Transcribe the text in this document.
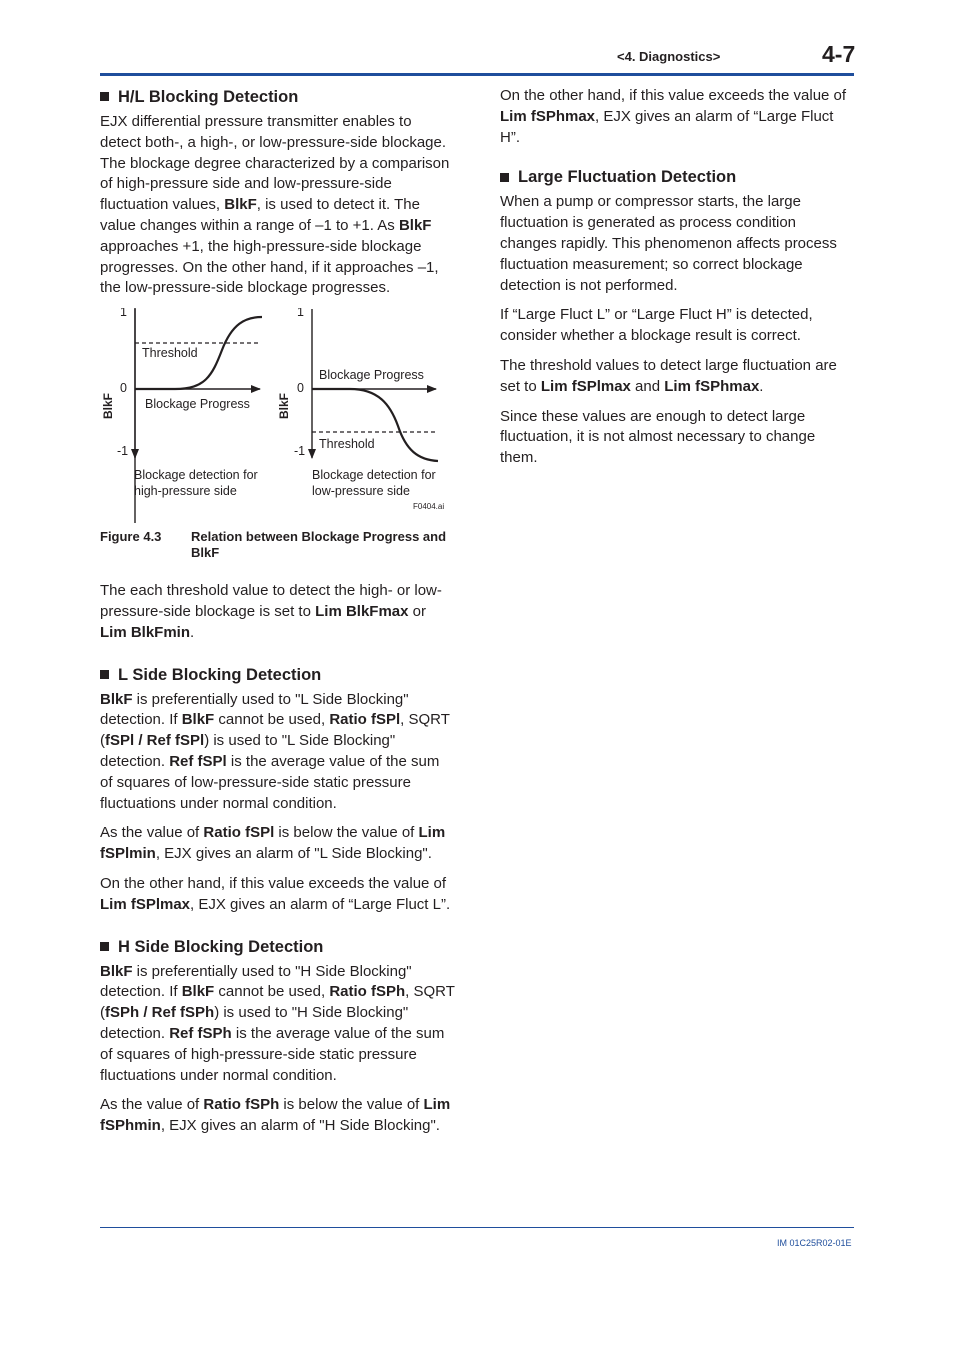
<4. Diagnostics>	4-7
H/L Blocking Detection

EJX differential pressure transmitter enables to detect both-, a high-, or low-pressure-side blockage. The blockage degree characterized by a comparison of high-pressure side and low-pressure-side fluctuation values, BlkF, is used to detect it. The value changes within a range of –1 to +1. As BlkF approaches +1, the high-pressure-side blockage progresses. On the other hand, if it approaches –1, the low-pressure-side blockage progresses.

1
0
-1
Threshold
Blockage Progress
BlkF
Blockage detection for
high-pressure side
1
0
-1
Blockage Progress
Threshold
BlkF
Blockage detection for
low-pressure side
F0404.ai
Figure 4.3	Relation between Blockage Progress and BlkF

The each threshold value to detect the high- or low-pressure-side blockage is set to Lim BlkFmax or Lim BlkFmin.

L Side Blocking Detection

BlkF is preferentially used to "L Side Blocking" detection. If BlkF cannot be used, Ratio fSPl, SQRT (fSPl / Ref fSPl) is used to "L Side Blocking" detection. Ref fSPl is the average value of the sum of squares of low-pressure-side static pressure fluctuations under normal condition.

As the value of Ratio fSPl is below the value of Lim fSPlmin, EJX gives an alarm of "L Side Blocking".

On the other hand, if this value exceeds the value of Lim fSPlmax, EJX gives an alarm of “Large Fluct L”.

H Side Blocking Detection

BlkF is preferentially used to "H Side Blocking" detection. If BlkF cannot be used, Ratio fSPh, SQRT (fSPh / Ref fSPh) is used to "H Side Blocking" detection. Ref fSPh is the average value of the sum of squares of high-pressure-side static pressure fluctuations under normal condition.

As the value of Ratio fSPh is below the value of Lim fSPhmin, EJX gives an alarm of "H Side Blocking".

On the other hand, if this value exceeds the value of Lim fSPhmax, EJX gives an alarm of “Large Fluct H”.

Large Fluctuation Detection

When a pump or compressor starts, the large fluctuation is generated as process condition changes rapidly. This phenomenon affects process fluctuation measurement; so correct blockage detection is not performed.

If “Large Fluct L” or “Large Fluct H” is detected, consider whether a blockage result is correct.

The threshold values to detect large fluctuation are set to Lim fSPlmax and Lim fSPhmax.

Since these values are enough to detect large fluctuation, it is not almost necessary to change them.

IM 01C25R02-01E
